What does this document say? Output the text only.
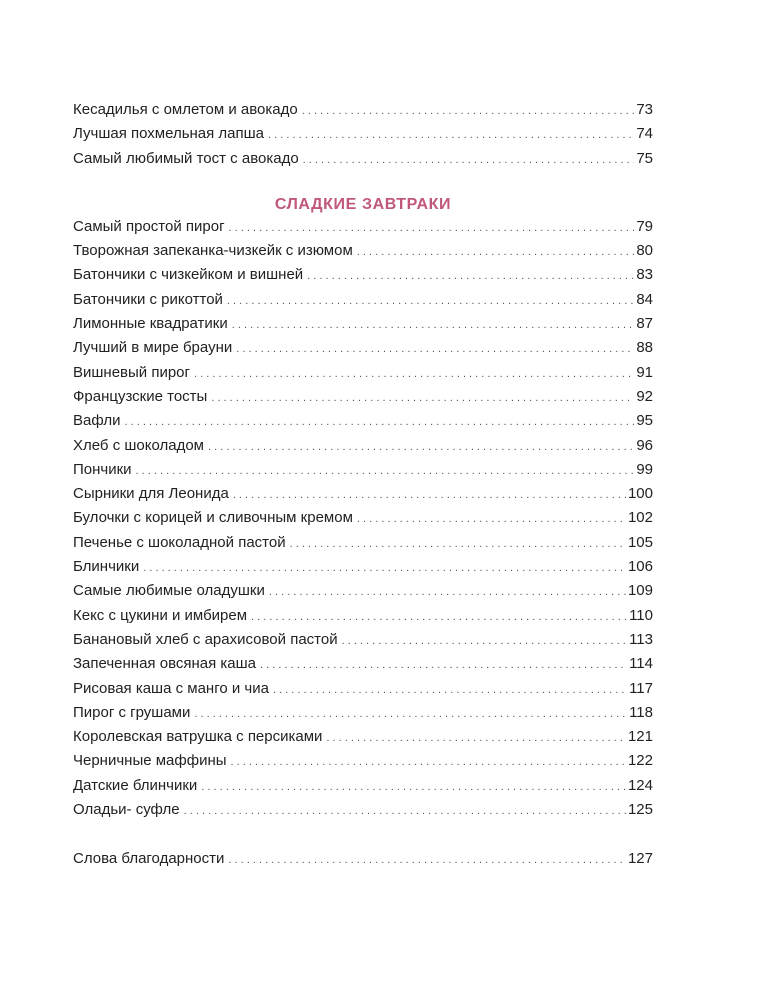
Кесадилья с омлетом и авокадо . . .	73
Лучшая похмельная лапша . . .	74
Самый любимый тост с авокадо . . .	75
СЛАДКИЕ ЗАВТРАКИ
Самый простой пирог . . .	79
Творожная запеканка-чизкейк с изюмом . . .	80
Батончики с чизкейком и вишней . . .	83
Батончики с рикоттой . . .	84
Лимонные квадратики . . .	87
Лучший в мире брауни . . .	88
Вишневый пирог . . .	91
Французские тосты . . .	92
Вафли . . .	95
Хлеб с шоколадом . . .	96
Пончики . . .	99
Сырники для Леонида . . .	100
Булочки с корицей и сливочным кремом . . .	102
Печенье с шоколадной пастой . . .	105
Блинчики . . .	106
Самые любимые оладушки . . .	109
Кекс с цукини и имбирем . . .	110
Банановый хлеб с арахисовой пастой . . .	113
Запеченная овсяная каша . . .	114
Рисовая каша с манго и чиа . . .	117
Пирог с грушами . . .	118
Королевская ватрушка с персиками . . .	121
Черничные маффины . . .	122
Датские блинчики . . .	124
Оладьи- суфле . . .	125
Слова благодарности . . .	127
